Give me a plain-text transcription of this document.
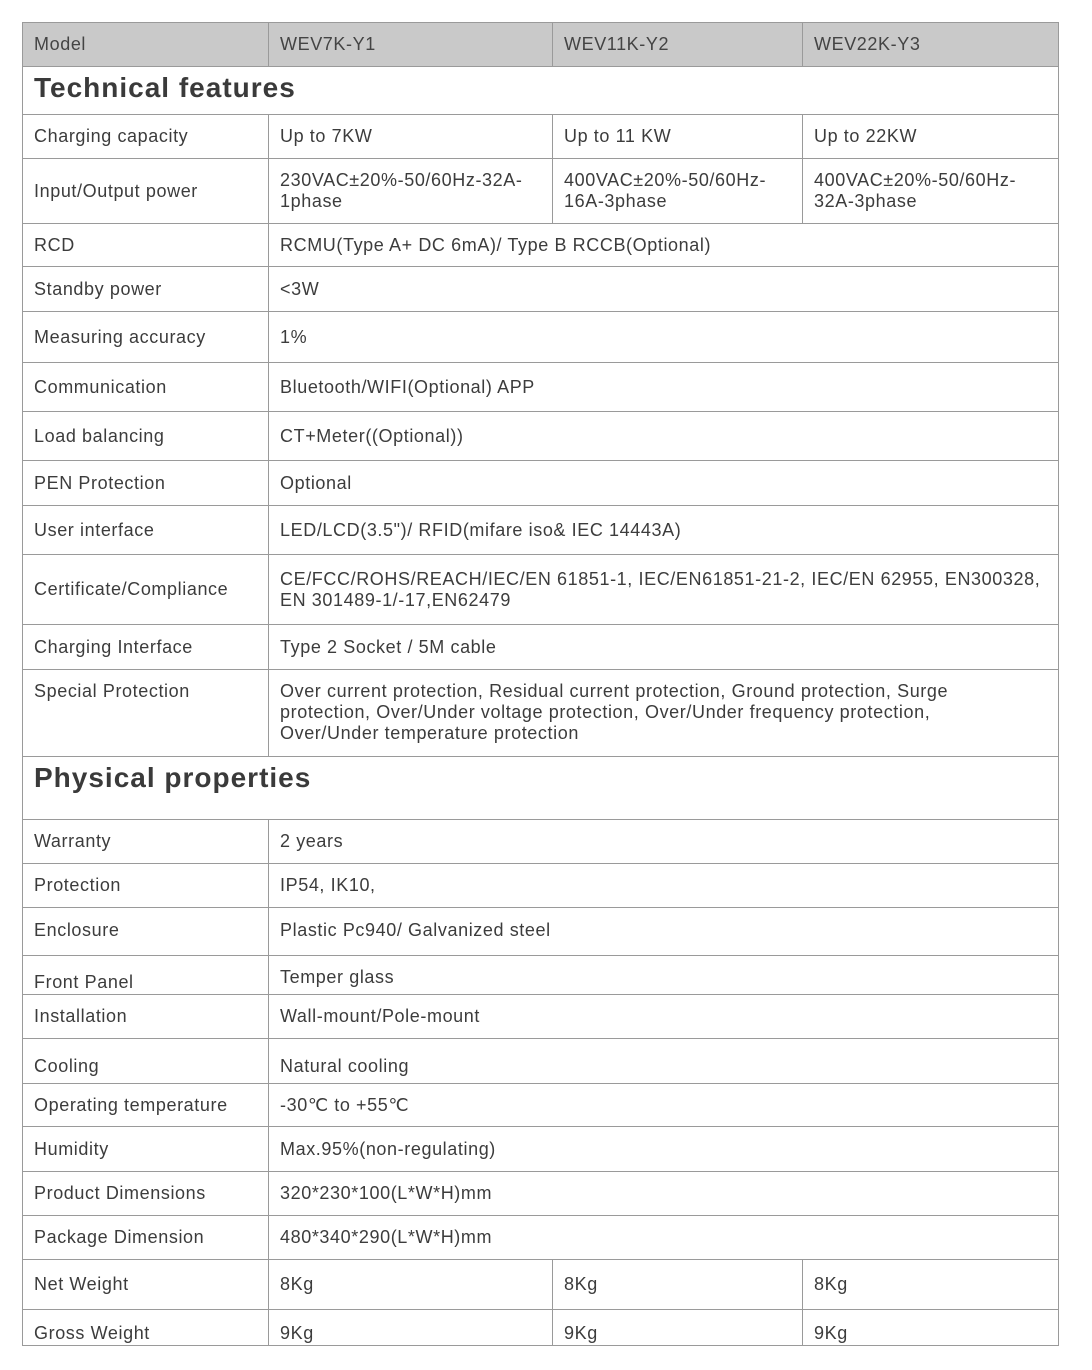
Model	WEV7K-Y1	WEV11K-Y2	WEV22K-Y3
Technical features			
Charging capacity	Up to 7KW	Up to 11 KW	Up to 22KW
Input/Output power	230VAC±20%-50/60Hz-32A-1phase	400VAC±20%-50/60Hz-16A-3phase	400VAC±20%-50/60Hz-32A-3phase
RCD	RCMU(Type A+ DC 6mA)/ Type B RCCB(Optional)		
Standby power	<3W		
Measuring accuracy	1%		
Communication	Bluetooth/WIFI(Optional) APP		
Load balancing	CT+Meter((Optional))		
PEN Protection	Optional		
User interface	LED/LCD(3.5")/ RFID(mifare iso& IEC 14443A)		
Certificate/Compliance	CE/FCC/ROHS/REACH/IEC/EN 61851-1, IEC/EN61851-21-2, IEC/EN 62955, EN300328, EN 301489-1/-17,EN62479		
Charging Interface	Type 2 Socket / 5M cable		
Special Protection	Over current protection, Residual current protection, Ground protection, Surge protection, Over/Under voltage protection, Over/Under frequency protection, Over/Under temperature protection		
Physical properties			
Warranty	2 years		
Protection	IP54, IK10,		
Enclosure	Plastic Pc940/ Galvanized steel		
Front Panel	Temper glass		
Installation	Wall-mount/Pole-mount		
Cooling	Natural cooling		
Operating temperature	-30℃ to +55℃		
Humidity	Max.95%(non-regulating)		
Product Dimensions	320*230*100(L*W*H)mm		
Package Dimension	480*340*290(L*W*H)mm		
Net Weight	8Kg	8Kg	8Kg
Gross Weight	9Kg	9Kg	9Kg
